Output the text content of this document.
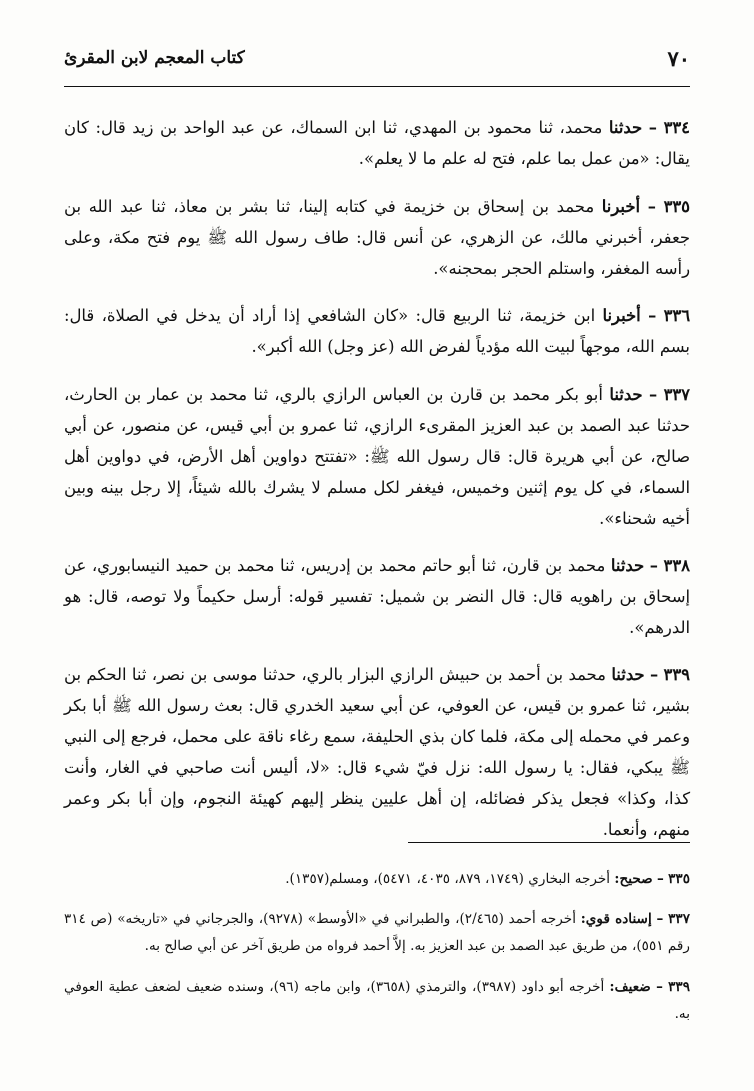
٧٠
كتاب المعجم لابن المقرئ

٣٣٤ – حدثنا محمد، ثنا محمود بن المهدي، ثنا ابن السماك، عن عبد الواحد بن زيد قال: كان يقال: «من عمل بما علم، فتح له علم ما لا يعلم».

٣٣٥ – أخبرنا محمد بن إسحاق بن خزيمة في كتابه إلينا، ثنا بشر بن معاذ، ثنا عبد الله بن جعفر، أخبرني مالك، عن الزهري، عن أنس قال: طاف رسول الله ﷺ يوم فتح مكة، وعلى رأسه المغفر، واستلم الحجر بمحجنه».

٣٣٦ – أخبرنا ابن خزيمة، ثنا الربيع قال: «كان الشافعي إذا أراد أن يدخل في الصلاة، قال: بسم الله، موجهاً لبيت الله مؤدياً لفرض الله (عز وجل) الله أكبر».

٣٣٧ – حدثنا أبو بكر محمد بن قارن بن العباس الرازي بالري، ثنا محمد بن عمار بن الحارث، حدثنا عبد الصمد بن عبد العزيز المقرىء الرازي، ثنا عمرو بن أبي قيس، عن منصور، عن أبي صالح، عن أبي هريرة قال: قال رسول الله ﷺ: «تفتتح دواوين أهل الأرض، في دواوين أهل السماء، في كل يوم إثنين وخميس، فيغفر لكل مسلم لا يشرك بالله شيئاً، إلا رجل بينه وبين أخيه شحناء».

٣٣٨ – حدثنا محمد بن قارن، ثنا أبو حاتم محمد بن إدريس، ثنا محمد بن حميد النيسابوري، عن إسحاق بن راهويه قال: قال النضر بن شميل: تفسير قوله: أرسل حكيماً ولا توصه، قال: هو الدرهم».

٣٣٩ – حدثنا محمد بن أحمد بن حبيش الرازي البزار بالري، حدثنا موسى بن نصر، ثنا الحكم بن بشير، ثنا عمرو بن قيس، عن العوفي، عن أبي سعيد الخدري قال: بعث رسول الله ﷺ أبا بكر وعمر في محمله إلى مكة، فلما كان بذي الحليفة، سمع رغاء ناقة على محمل، فرجع إلى النبي ﷺ يبكي، فقال: يا رسول الله: نزل فيّ شيء قال: «لا، أليس أنت صاحبي في الغار، وأنت كذا، وكذا» فجعل يذكر فضائله، إن أهل عليين ينظر إليهم كهيئة النجوم، وإن أبا بكر وعمر منهم، وأنعما.

٣٣٥ – صحيح: أخرجه البخاري (١٧٤٩، ٨٧٩، ٤٠٣٥، ٥٤٧١)، ومسلم(١٣٥٧).

٣٣٧ – إسناده قوي: أخرجه أحمد (٢/٤٦٥)، والطبراني في «الأوسط» (٩٢٧٨)، والجرجاني في «تاريخه» (ص ٣١٤ رقم ٥٥١)، من طريق عبد الصمد بن عبد العزيز به. إلاَّ أحمد فرواه من طريق آخر عن أبي صالح به.

٣٣٩ – ضعيف: أخرجه أبو داود (٣٩٨٧)، والترمذي (٣٦٥٨)، وابن ماجه (٩٦)، وسنده ضعيف لضعف عطية العوفي به.
